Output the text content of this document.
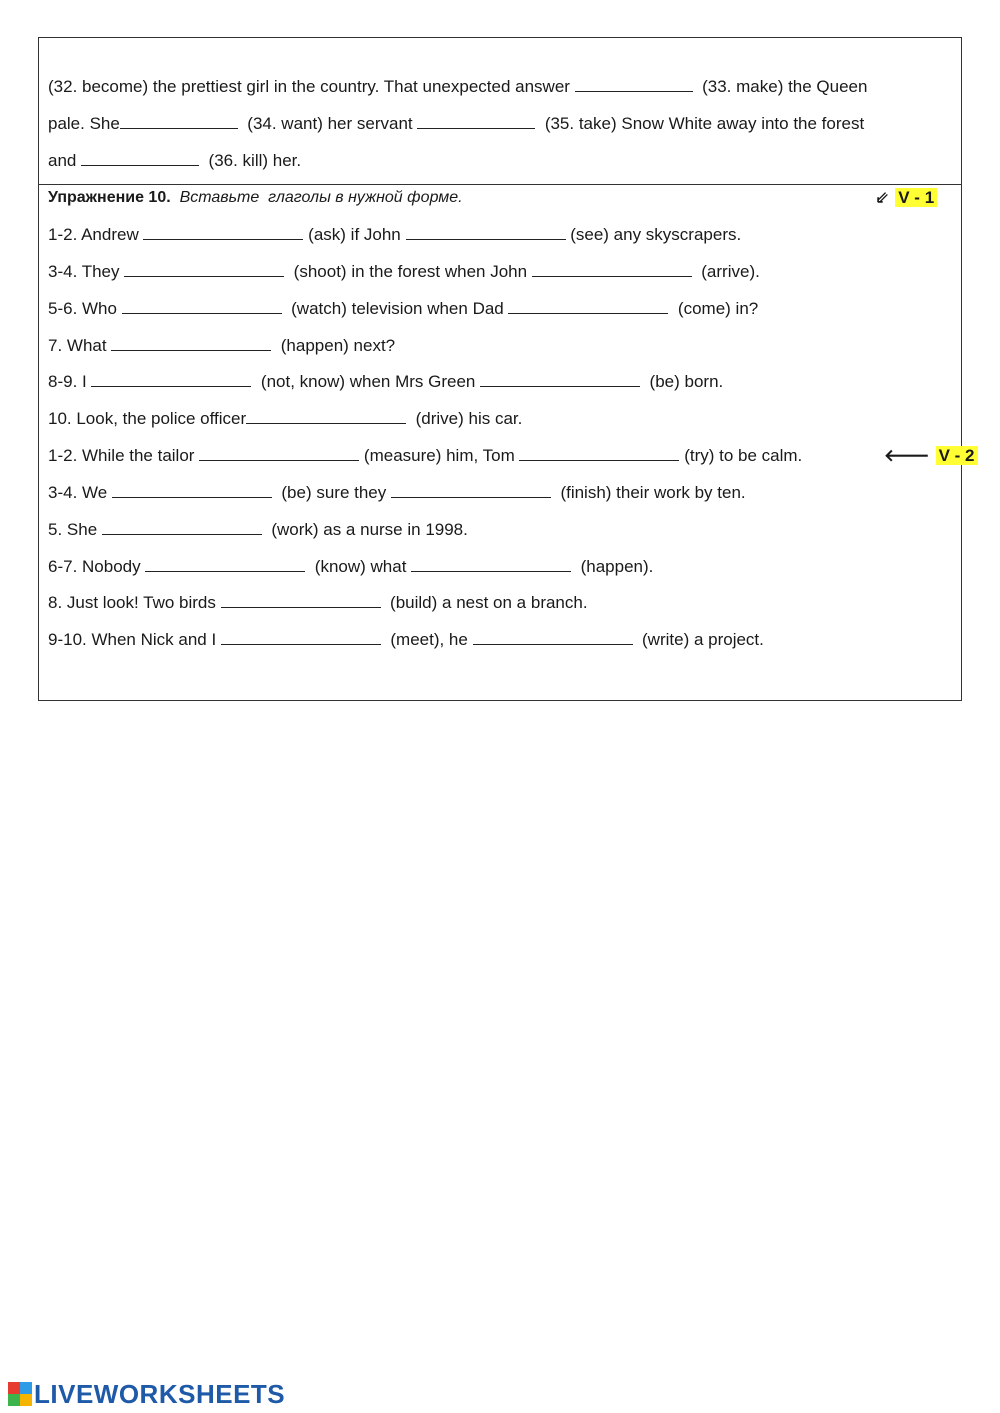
(32. become) the prettiest girl in the country. That unexpected answer	(33. make) the Queen
pale. She	(34. want) her servant	(35. take) Snow White away into the forest
and	(36. kill) her.
Упражнение 10. Вставьте  глаголы в нужной форме.	⇙ V - 1
1-2. Andrew	(ask) if John	(see) any skyscrapers.
3-4. They	(shoot) in the forest when John	(arrive).
5-6. Who	(watch) television when Dad	(come) in?
7. What	(happen) next?
8-9. I	(not, know) when Mrs Green	(be) born.
10. Look, the police officer	(drive) his car.
1-2. While the tailor	(measure) him, Tom	(try) to be calm.	🡐 V - 2
3-4. We	(be) sure they	(finish) their work by ten.
5. She	(work) as a nurse in 1998.
6-7. Nobody	(know) what	(happen).
8. Just look! Two birds	(build) a nest on a branch.
9-10. When Nick and I	(meet), he	(write) a project.
LIVEWORKSHEETS
